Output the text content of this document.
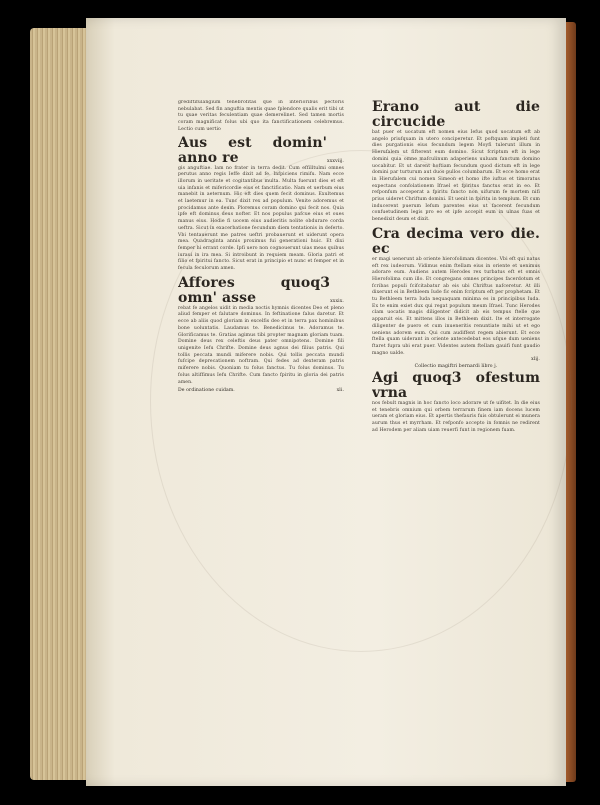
grediftifulangium tenebrofitas que in interioribus pectoris nebulabat. Sed fin anguftia mentis quae fplendore qualis erit tibi ut tu quae veritas feculentiam quae demerelinet. Sed tamen mortis coram magnificat folus ubi quo ita fanctificationem celebremus. Lectio cum uertio

Aus est domin' anno re	xxxviij.

gis anguftiae. Iam no frater in terra dedit. Cum effilltulmi omnes perutus anno regis Ieffe dixit ad fe. Infpiciens rimifu. Nam ecce illorum in ueritate et cogitantibus multa. Multa fuerunt dies et eft uia infanis et mifericordie eius et fanctificatio. Nam et uerbum eius manebit in aeternum. Hic eft dies quem fecit dominus. Exultemus et laetemur in ea. Tunc dixit rex ad populum. Venite adoremus et procidamus ante deum. Ploremus coram domino qui fecit nos. Quia ipfe eft dominus deus nofter. Et nos populus pafcue eius et oues manus eius. Hodie fi uocem eius audieritis nolite obdurare corda ueftra. Sicut in exacerbatione fecundum diem tentationis in deferto. Vbi tentauerunt me patres ueftri probauerunt et uiderunt opera mea. Quadraginta annis proximus fui generationi huic. Et dixi femper hi errant corde. Ipfi uero non cognouerunt uias meas quibus iuraui in ira mea. Si introibunt in requiem meam. Gloria patri et filio et fpiritui fancto. Sicut erat in principio et nunc et femper et in fecula feculorum amen.

Affores quoq3 omn' asse	xxxix.

rebat fe angelos uidit in media noctis hymnis dicentes Deo et pleno aliud femper et falutare dominus. In feftinatione falus daretur. Et ecce ab aliis quod gloriam in excelfis deo et in terra pax hominibus bone uoluntatis. Laudamus te. Benedicimus te. Adoramus te. Glorificamus te. Gratias agimus tibi propter magnam gloriam tuam. Domine deus rex celeftis deus pater omnipotens. Domine fili unigenite Iefu Chrifte. Domine deus agnus dei filius patris. Qui tollis peccata mundi miferere nobis. Qui tollis peccata mundi fufcipe deprecationem noftram. Qui fedes ad dexteram patris miferere nobis. Quoniam tu folus fanctus. Tu folus dominus. Tu folus altiffimus Iefu Chrifte. Cum fancto fpiritu in gloria dei patris amen.

De ordinatione cuidam.	xli.
Erano aut die circucide

bat puer et uocatum eft nomen eius Iefus quod uocatum eft ab angelo priufquam in utero conciperetur. Et poftquam impleti funt dies purgationis eius fecundum legem Moyfi tulerunt illum in Hierufalem ut fifterent eum domino. Sicut fcriptum eft in lege domini quia omne mafculinum adaperiens uuluam fanctum domino uocabitur. Et ut darent hoftiam fecundum quod dictum eft in lege domini par turturum aut duos pullos columbarum. Et ecce homo erat in Hierufalem cui nomen Simeon et homo ifte iuftus et timoratus expectans confolationem Ifrael et fpiritus fanctus erat in eo. Et refponfum acceperat a fpiritu fancto non uifurum fe mortem nifi prius uideret Chriftum domini. Et uenit in fpiritu in templum. Et cum inducerent puerum Iefum parentes eius ut facerent fecundum confuetudinem legis pro eo et ipfe accepit eum in ulnas fuas et benedixit deum et dixit.

Cra decima vero die. ec

er magi uenerunt ab oriente hierofolimam dicentes. Vbi eft qui natus eft rex iudeorum. Vidimus enim ftellam eius in oriente et uenimus adorare eum. Audiens autem Herodes rex turbatus eft et omnis Hierofolima cum illo. Et congregans omnes principes facerdotum et fcribas populi fcifcitabatur ab eis ubi Chriftus nafceretur. At illi dixerunt ei in Bethleem Iude fic enim fcriptum eft per prophetam. Et tu Bethleem terra Iuda nequaquam minima es in principibus Iuda. Ex te enim exiet dux qui regat populum meum Ifrael. Tunc Herodes clam uocatis magis diligenter didicit ab eis tempus ftelle que apparuit eis. Et mittens illos in Bethleem dixit. Ite et interrogate diligenter de puero et cum inueneritis renuntiate mihi ut et ego ueniens adorem eum. Qui cum audiffent regem abierunt. Et ecce ftella quam uiderant in oriente antecedebat eos ufque dum ueniens ftaret fupra ubi erat puer. Videntes autem ftellam gauifi funt gaudio magno ualde.

xlij.

Collectio magiftri bernardi libro j.

Agi quoq3 ofestum vrna

nos febult magnis in hoc fancto loco adorare ut fe uifitet. In die eius et tenebris omnium qui orbem terrarum finem iam docens lucem ueram et gloriam eius. Et apertis thefauris fuis obtulerunt ei munera aurum thus et myrrham. Et refponfo accepto in fomnis ne redirent ad Herodem per aliam uiam reuerfi funt in regionem fuam.
